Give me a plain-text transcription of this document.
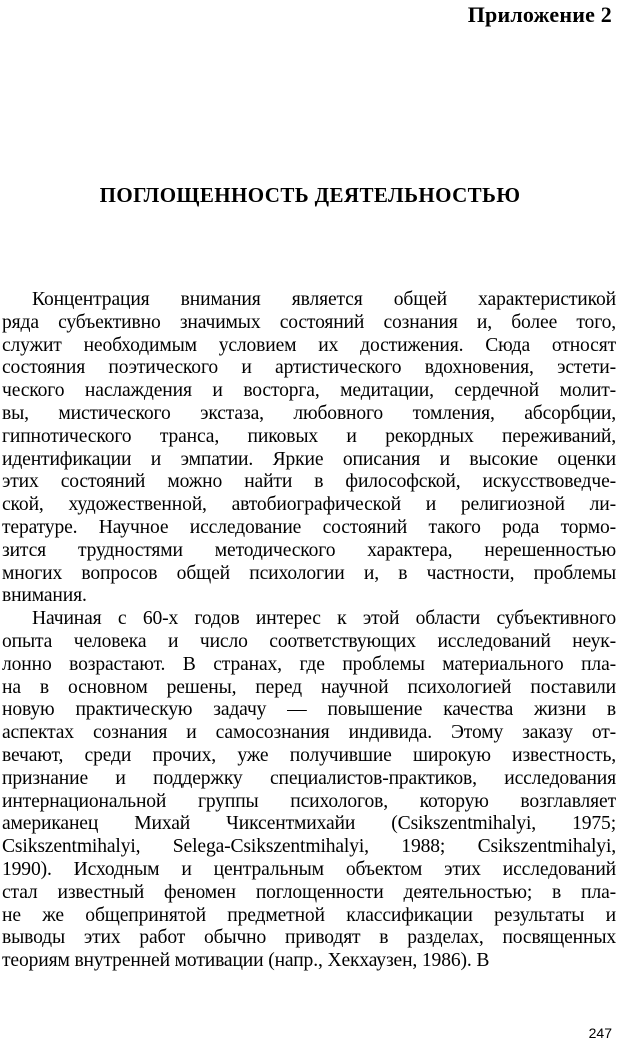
Приложение 2
ПОГЛОЩЕННОСТЬ ДЕЯТЕЛЬНОСТЬЮ
Концентрация внимания является общей характеристикой
ряда субъективно значимых состояний сознания и, более того,
служит необходимым условием их достижения. Сюда относят
состояния поэтического и артистического вдохновения, эстети-
ческого наслаждения и восторга, медитации, сердечной молит-
вы, мистического экстаза, любовного томления, абсорбции,
гипнотического транса, пиковых и рекордных переживаний,
идентификации и эмпатии. Яркие описания и высокие оценки
этих состояний можно найти в философской, искусствоведче-
ской, художественной, автобиографической и религиозной ли-
тературе. Научное исследование состояний такого рода тормо-
зится трудностями методического характера, нерешенностью
многих вопросов общей психологии и, в частности, проблемы
внимания.
Начиная с 60-х годов интерес к этой области субъективного
опыта человека и число соответствующих исследований неук-
лонно возрастают. В странах, где проблемы материального пла-
на в основном решены, перед научной психологией поставили
новую практическую задачу — повышение качества жизни в
аспектах сознания и самосознания индивида. Этому заказу от-
вечают, среди прочих, уже получившие широкую известность,
признание и поддержку специалистов-практиков, исследования
интернациональной группы психологов, которую возглавляет
американец Михай Чиксентмихайи (Csikszentmihalyi, 1975;
Csikszentmihalyi, Selega-Csikszentmihalyi, 1988; Csikszentmihalyi,
1990). Исходным и центральным объектом этих исследований
стал известный феномен поглощенности деятельностью; в пла-
не же общепринятой предметной классификации результаты и
выводы этих работ обычно приводят в разделах, посвященных
теориям внутренней мотивации (напр., Хекхаузен, 1986). В
247
